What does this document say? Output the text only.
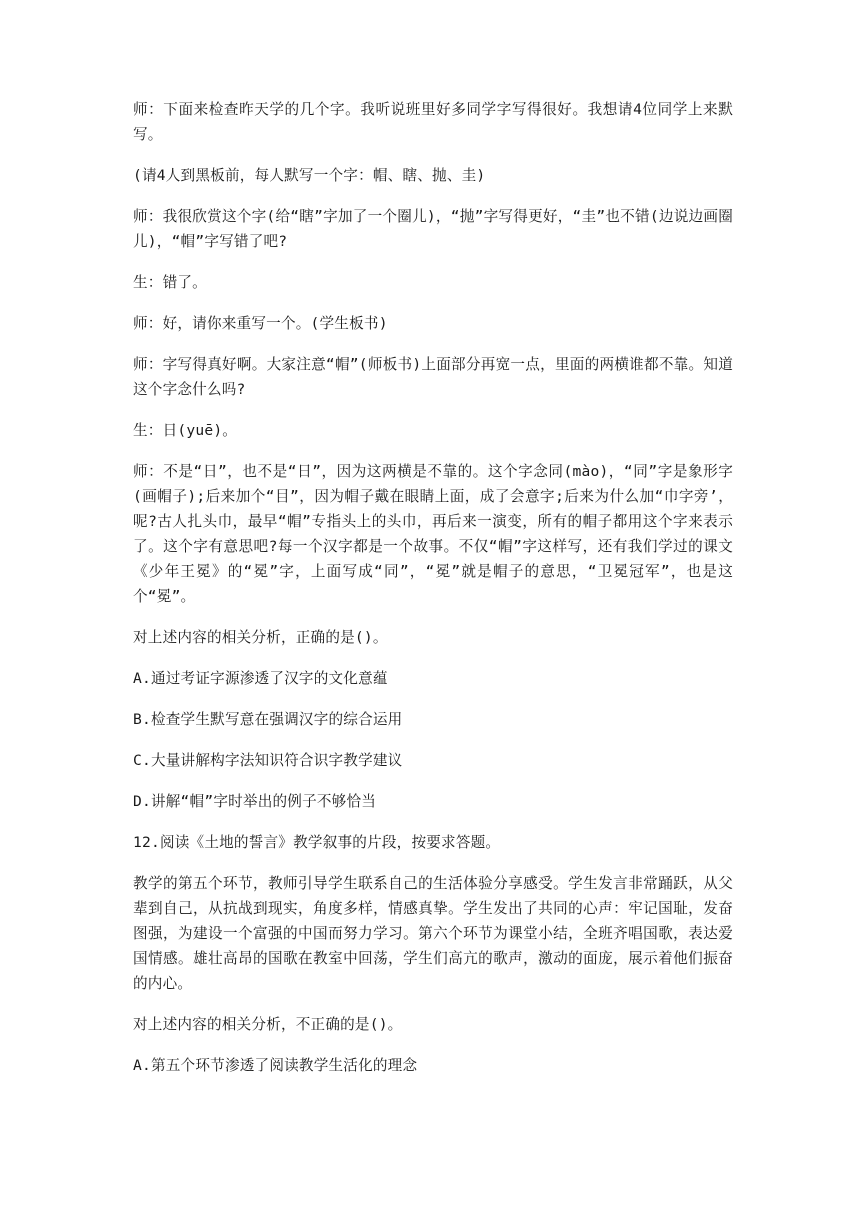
师：下面来检查昨天学的几个字。我听说班里好多同学字写得很好。我想请4位同学上来默写。

(请4人到黑板前，每人默写一个字：帽、瞎、抛、圭)

师：我很欣赏这个字(给“瞎”字加了一个圈儿)，“抛”字写得更好，“圭”也不错(边说边画圈儿)，“帽”字写错了吧?

生：错了。

师：好，请你来重写一个。(学生板书)

师：字写得真好啊。大家注意“帽”(师板书)上面部分再宽一点，里面的两横谁都不靠。知道这个字念什么吗?

生：日(yuē)。

师：不是“日”，也不是“日”，因为这两横是不靠的。这个字念同(mào)，“同”字是象形字(画帽子);后来加个“目”，因为帽子戴在眼睛上面，成了会意字;后来为什么加“巾字旁’，呢?古人扎头巾，最早“帽”专指头上的头巾，再后来一演变，所有的帽子都用这个字来表示了。这个字有意思吧?每一个汉字都是一个故事。不仅“帽”字这样写，还有我们学过的课文《少年王冕》的“冕”字，上面写成“同”，“冕”就是帽子的意思，“卫冕冠军”，也是这个“冕”。

对上述内容的相关分析，正确的是()。

A.通过考证字源渗透了汉字的文化意蕴

B.检查学生默写意在强调汉字的综合运用

C.大量讲解构字法知识符合识字教学建议

D.讲解“帽”字时举出的例子不够恰当

12.阅读《土地的誓言》教学叙事的片段，按要求答题。

教学的第五个环节，教师引导学生联系自己的生活体验分享感受。学生发言非常踊跃，从父辈到自己，从抗战到现实，角度多样，情感真挚。学生发出了共同的心声：牢记国耻，发奋图强，为建设一个富强的中国而努力学习。第六个环节为课堂小结，全班齐唱国歌，表达爱国情感。雄壮高昂的国歌在教室中回荡，学生们高亢的歌声，激动的面庞，展示着他们振奋的内心。

对上述内容的相关分析，不正确的是()。

A.第五个环节渗透了阅读教学生活化的理念
